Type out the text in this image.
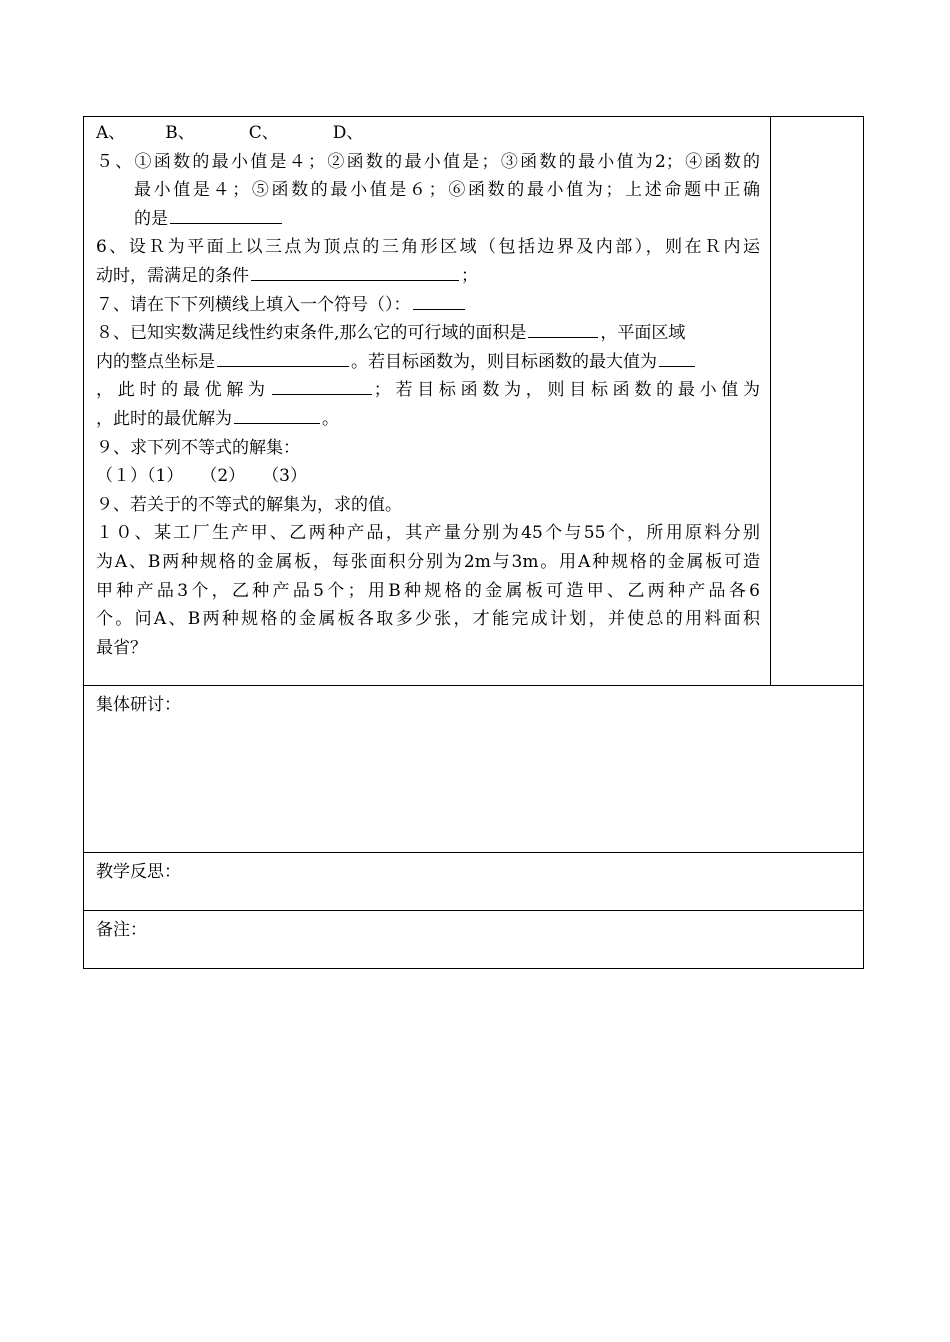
A、 B、	C、	D、
５、①函数的最小值是４；②函数的最小值是；③函数的最小值为2；④函数的
最小值是４；⑤函数的最小值是６；⑥函数的最小值为；上述命题中正确
的是
6、设Ｒ为平面上以三点为顶点的三角形区域（包括边界及内部），则在Ｒ内运
动时，需满足的条件	；
７、请在下下列横线上填入一个符号（）：
８、已知实数满足线性约束条件,那么它的可行域的面积是	，平面区域
内的整点坐标是	。若目标函数为，则目标函数的最大值为
，此时的最优解为	；若目标函数为，则目标函数的最小值为
，此时的最优解为	。
９、求下列不等式的解集：
（１）（1）　　（2）　　（3）
９、若关于的不等式的解集为，求的值。
１０、某工厂生产甲、乙两种产品，其产量分别为45个与55个，所用原料分别
为A、B两种规格的金属板，每张面积分别为2m与3m。用A种规格的金属板可造
甲种产品3个，乙种产品5个；用B种规格的金属板可造甲、乙两种产品各6
个。问A、B两种规格的金属板各取多少张，才能完成计划，并使总的用料面积
最省？

集体研讨：
教学反思：
备注：
